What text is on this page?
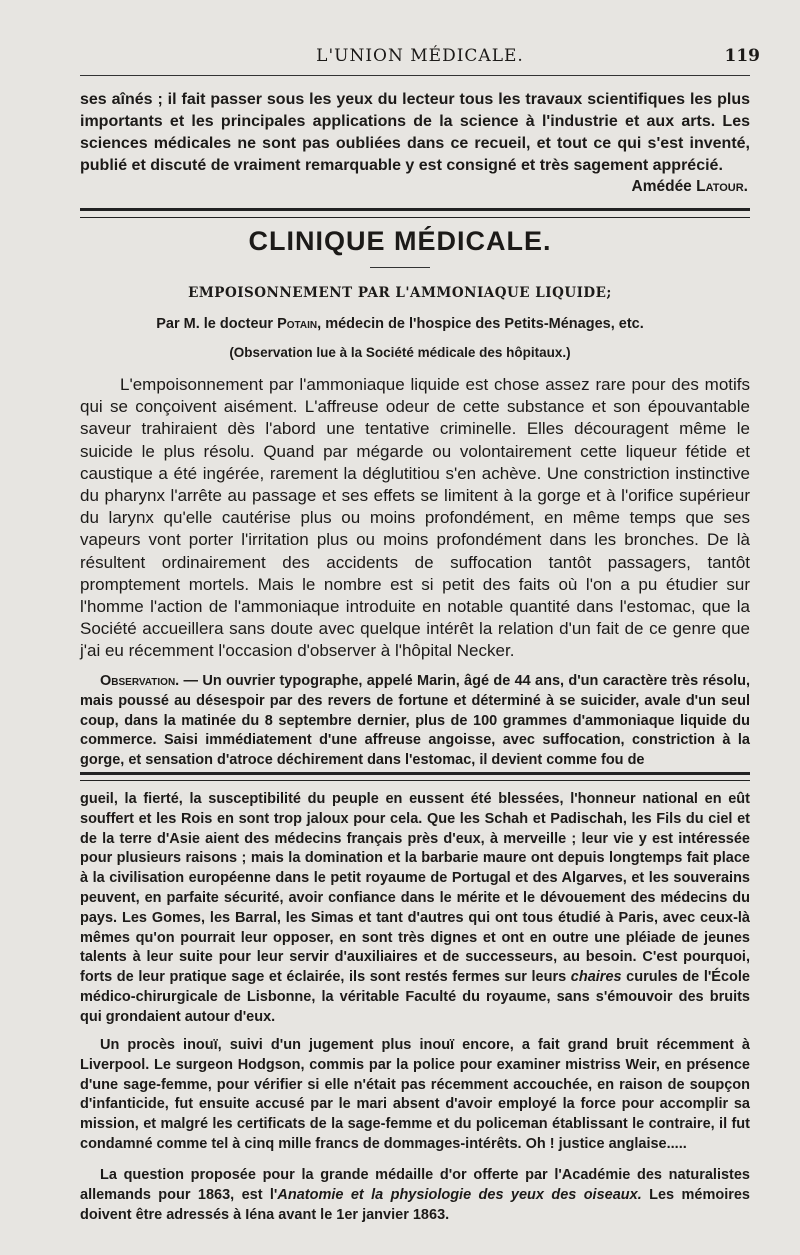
L'UNION MÉDICALE.	119

ses aînés ; il fait passer sous les yeux du lecteur tous les travaux scientifiques les plus importants et les principales applications de la science à l'industrie et aux arts. Les sciences médicales ne sont pas oubliées dans ce recueil, et tout ce qui s'est inventé, publié et discuté de vraiment remarquable y est consigné et très sagement apprécié.

Amédée Latour.
CLINIQUE MÉDICALE.
EMPOISONNEMENT PAR L'AMMONIAQUE LIQUIDE;
Par M. le docteur Potain, médecin de l'hospice des Petits-Ménages, etc.
(Observation lue à la Société médicale des hôpitaux.)

L'empoisonnement par l'ammoniaque liquide est chose assez rare pour des motifs qui se conçoivent aisément. L'affreuse odeur de cette substance et son épouvantable saveur trahiraient dès l'abord une tentative criminelle. Elles découragent même le suicide le plus résolu. Quand par mégarde ou volontairement cette liqueur fétide et caustique a été ingérée, rarement la déglutitiou s'en achève. Une constriction instinctive du pharynx l'arrête au passage et ses effets se limitent à la gorge et à l'orifice supérieur du larynx qu'elle cautérise plus ou moins profondément, en même temps que ses vapeurs vont porter l'irritation plus ou moins profondément dans les bronches. De là résultent ordinairement des accidents de suffocation tantôt passagers, tantôt promptement mortels. Mais le nombre est si petit des faits où l'on a pu étudier sur l'homme l'action de l'ammoniaque introduite en notable quantité dans l'estomac, que la Société accueillera sans doute avec quelque intérêt la relation d'un fait de ce genre que j'ai eu récemment l'occasion d'observer à l'hôpital Necker.

Observation. — Un ouvrier typographe, appelé Marin, âgé de 44 ans, d'un caractère très résolu, mais poussé au désespoir par des revers de fortune et déterminé à se suicider, avale d'un seul coup, dans la matinée du 8 septembre dernier, plus de 100 grammes d'ammoniaque liquide du commerce. Saisi immédiatement d'une affreuse angoisse, avec suffocation, constriction à la gorge, et sensation d'atroce déchirement dans l'estomac, il devient comme fou de

gueil, la fierté, la susceptibilité du peuple en eussent été blessées, l'honneur national en eût souffert et les Rois en sont trop jaloux pour cela. Que les Schah et Padischah, les Fils du ciel et de la terre d'Asie aient des médecins français près d'eux, à merveille ; leur vie y est intéressée pour plusieurs raisons ; mais la domination et la barbarie maure ont depuis longtemps fait place à la civilisation européenne dans le petit royaume de Portugal et des Algarves, et les souverains peuvent, en parfaite sécurité, avoir confiance dans le mérite et le dévouement des médecins du pays. Les Gomes, les Barral, les Simas et tant d'autres qui ont tous étudié à Paris, avec ceux-là mêmes qu'on pourrait leur opposer, en sont très dignes et ont en outre une pléiade de jeunes talents à leur suite pour leur servir d'auxiliaires et de successeurs, au besoin. C'est pourquoi, forts de leur pratique sage et éclairée, ils sont restés fermes sur leurs chaires curules de l'École médico-chirurgicale de Lisbonne, la véritable Faculté du royaume, sans s'émouvoir des bruits qui grondaient autour d'eux.

Un procès inouï, suivi d'un jugement plus inouï encore, a fait grand bruit récemment à Liverpool. Le surgeon Hodgson, commis par la police pour examiner mistriss Weir, en présence d'une sage-femme, pour vérifier si elle n'était pas récemment accouchée, en raison de soupçon d'infanticide, fut ensuite accusé par le mari absent d'avoir employé la force pour accomplir sa mission, et malgré les certificats de la sage-femme et du policeman établissant le contraire, il fut condamné comme tel à cinq mille francs de dommages-intérêts. Oh ! justice anglaise.....

La question proposée pour la grande médaille d'or offerte par l'Académie des naturalistes allemands pour 1863, est l'Anatomie et la physiologie des yeux des oiseaux. Les mémoires doivent être adressés à Iéna avant le 1er janvier 1863.
